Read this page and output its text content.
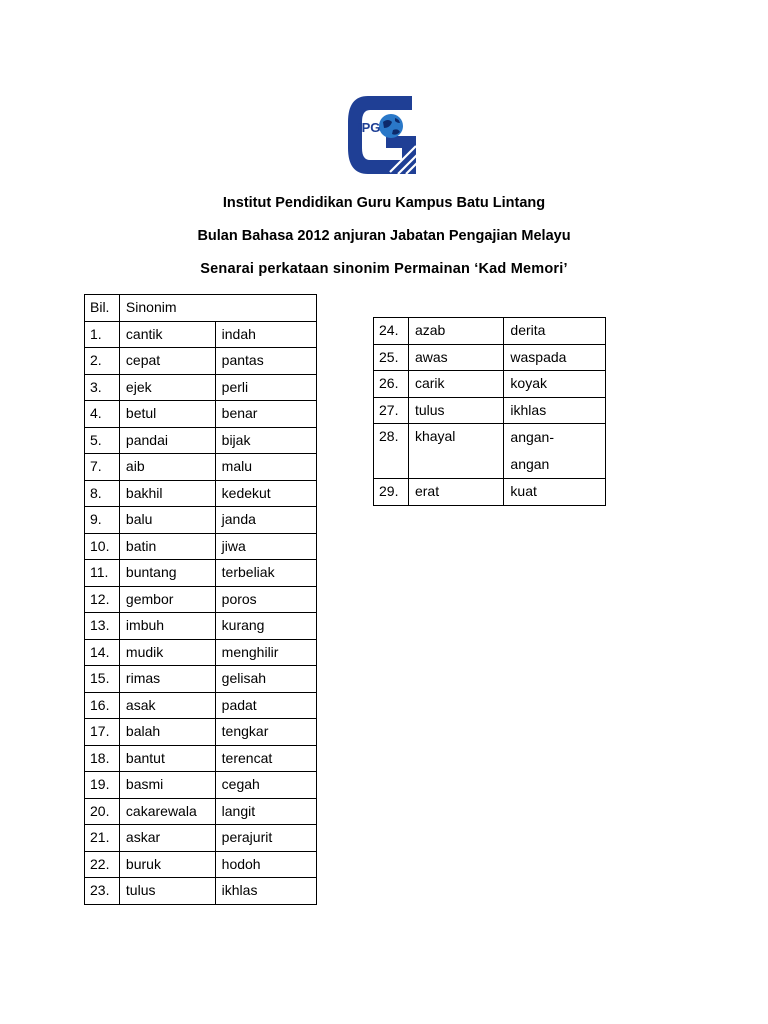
iPG

Institut Pendidikan Guru Kampus Batu Lintang

Bulan Bahasa 2012 anjuran Jabatan Pengajian Melayu

Senarai perkataan sinonim Permainan ‘Kad Memori’

Bil.	Sinonim	
1.	cantik	indah
2.	cepat	pantas
3.	ejek	perli
4.	betul	benar
5.	pandai	bijak
7.	aib	malu
8.	bakhil	kedekut
9.	balu	janda
10.	batin	jiwa
11.	buntang	terbeliak
12.	gembor	poros
13.	imbuh	kurang
14.	mudik	menghilir
15.	rimas	gelisah
16.	asak	padat
17.	balah	tengkar
18.	bantut	terencat
19.	basmi	cegah
20.	cakarewala	langit
21.	askar	perajurit
22.	buruk	hodoh
23.	tulus	ikhlas
24.	azab	derita
25.	awas	waspada
26.	carik	koyak
27.	tulus	ikhlas
28.	khayal	angan-
angan
29.	erat	kuat
